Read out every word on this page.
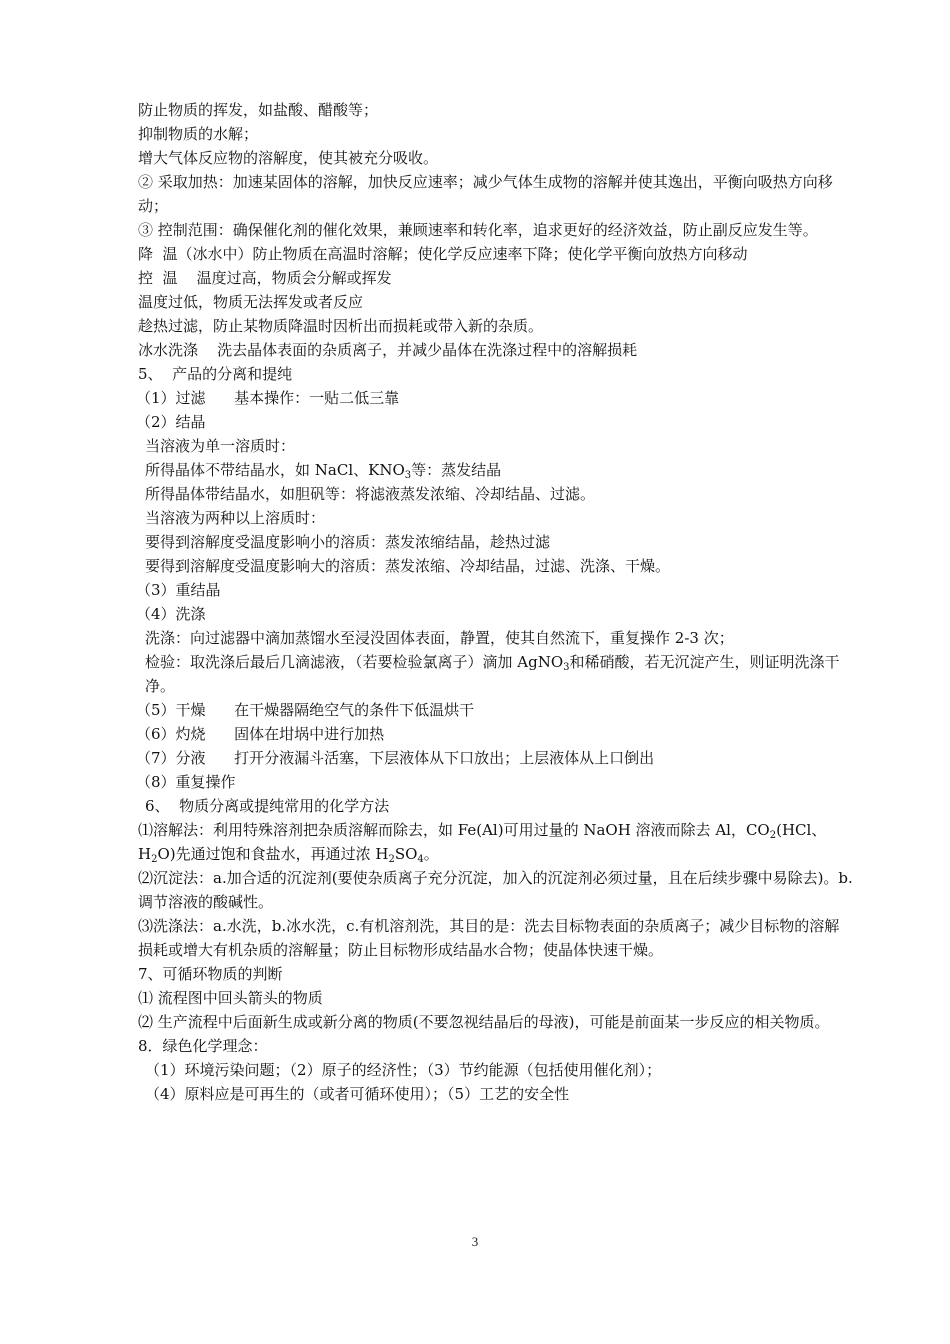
防止物质的挥发，如盐酸、醋酸等；

抑制物质的水解；

增大气体反应物的溶解度，使其被充分吸收。

② 采取加热：加速某固体的溶解，加快反应速率；减少气体生成物的溶解并使其逸出，平衡向吸热方向移动；

③ 控制范围：确保催化剂的催化效果，兼顾速率和转化率，追求更好的经济效益，防止副反应发生等。

降  温（冰水中）防止物质在高温时溶解；使化学反应速率下降；使化学平衡向放热方向移动

控  温    温度过高，物质会分解或挥发

温度过低，物质无法挥发或者反应

趁热过滤，防止某物质降温时因析出而损耗或带入新的杂质。

冰水洗涤    洗去晶体表面的杂质离子，并减少晶体在洗涤过程中的溶解损耗

5、  产品的分离和提纯

（1）过滤      基本操作：一贴二低三靠

（2）结晶

当溶液为单一溶质时：

所得晶体不带结晶水，如 NaCl、$KNO_3$等：蒸发结晶

所得晶体带结晶水，如胆矾等：将滤液蒸发浓缩、冷却结晶、过滤。

当溶液为两种以上溶质时：

要得到溶解度受温度影响小的溶质：蒸发浓缩结晶，趁热过滤

要得到溶解度受温度影响大的溶质：蒸发浓缩、冷却结晶，过滤、洗涤、干燥。

（3）重结晶

（4）洗涤

洗涤：向过滤器中滴加蒸馏水至浸没固体表面，静置，使其自然流下，重复操作 2-3 次；

检验：取洗涤后最后几滴滤液，（若要检验氯离子）滴加 AgNO$_3$和稀硝酸，若无沉淀产生，则证明洗涤干净。

（5）干燥      在干燥器隔绝空气的条件下低温烘干

（6）灼烧      固体在坩埚中进行加热

（7）分液      打开分液漏斗活塞，下层液体从下口放出；上层液体从上口倒出

（8）重复操作

6、  物质分离或提纯常用的化学方法

⑴溶解法：利用特殊溶剂把杂质溶解而除去，如 Fe(Al)可用过量的 NaOH 溶液而除去 Al，$CO_2(HCl$、$H_2O$)先通过饱和食盐水，再通过浓 $H_2SO_4$。

⑵沉淀法：a.加合适的沉淀剂(要使杂质离子充分沉淀，加入的沉淀剂必须过量，且在后续步骤中易除去)。b.调节溶液的酸碱性。

⑶洗涤法：a.水洗，b.冰水洗，c.有机溶剂洗，其目的是：洗去目标物表面的杂质离子；减少目标物的溶解损耗或增大有机杂质的溶解量；防止目标物形成结晶水合物；使晶体快速干燥。

7、可循环物质的判断

⑴ 流程图中回头箭头的物质

⑵ 生产流程中后面新生成或新分离的物质(不要忽视结晶后的母液)，可能是前面某一步反应的相关物质。

8．绿色化学理念：

（1）环境污染问题；（2）原子的经济性；（3）节约能源（包括使用催化剂）；

（4）原料应是可再生的（或者可循环使用）；（5）工艺的安全性

3
